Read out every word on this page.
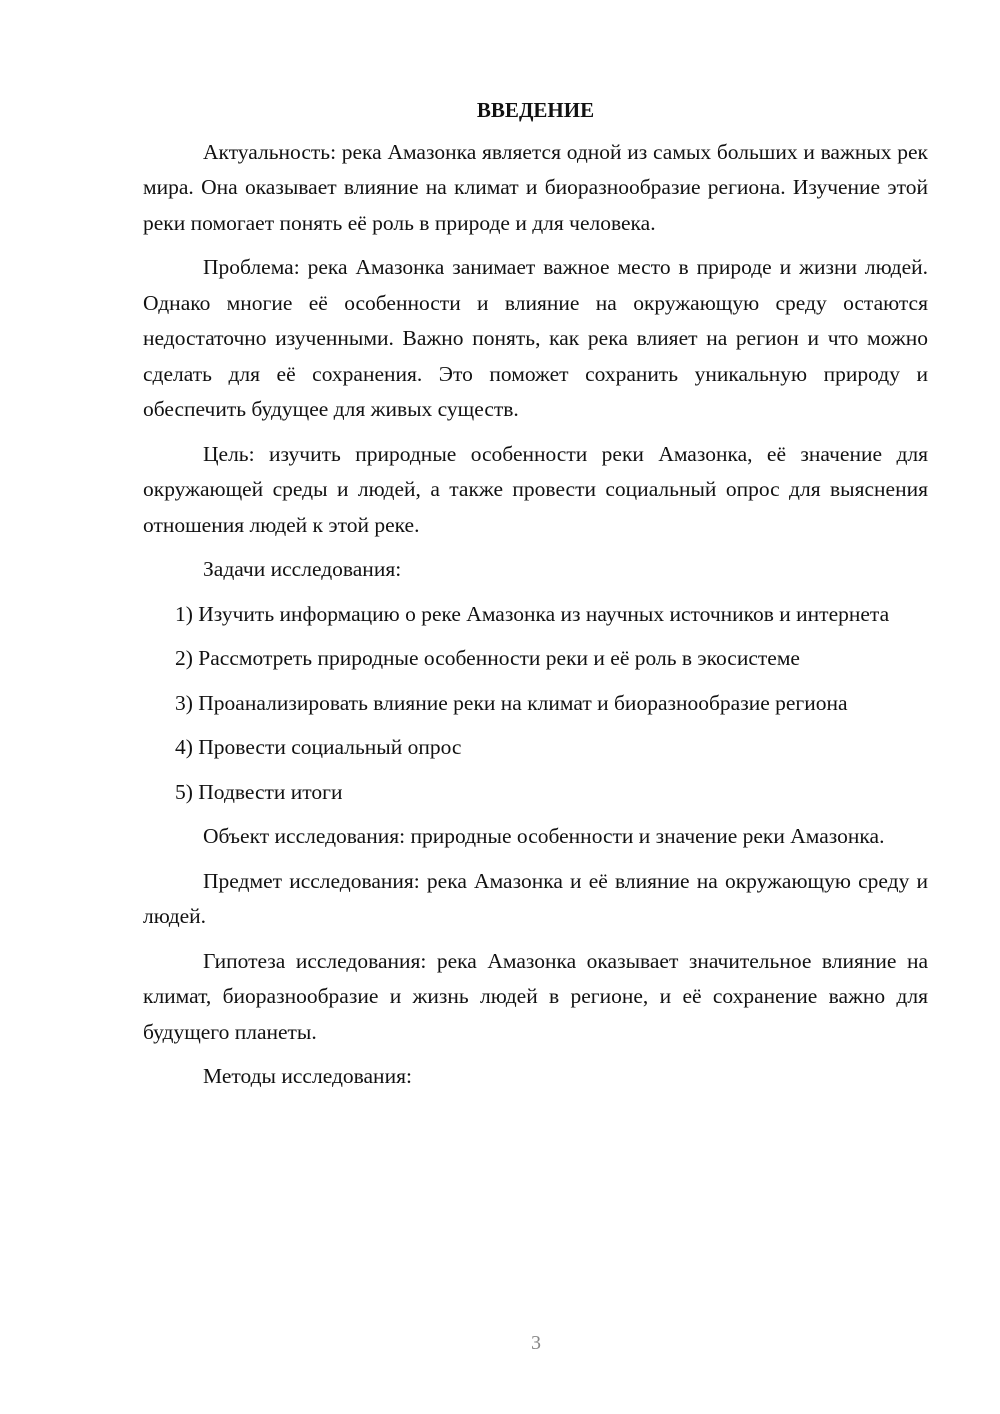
ВВЕДЕНИЕ

Актуальность: река Амазонка является одной из самых больших и важных рек мира. Она оказывает влияние на климат и биоразнообразие региона. Изучение этой реки помогает понять её роль в природе и для человека.

Проблема: река Амазонка занимает важное место в природе и жизни людей. Однако многие её особенности и влияние на окружающую среду остаются недостаточно изученными. Важно понять, как река влияет на регион и что можно сделать для её сохранения. Это поможет сохранить уникальную природу и обеспечить будущее для живых существ.

Цель: изучить природные особенности реки Амазонка, её значение для окружающей среды и людей, а также провести социальный опрос для выяснения отношения людей к этой реке.

Задачи исследования:

1) Изучить информацию о реке Амазонка из научных источников и интернета

2) Рассмотреть природные особенности реки и её роль в экосистеме

3) Проанализировать влияние реки на климат и биоразнообразие региона

4) Провести социальный опрос

5) Подвести итоги

Объект исследования: природные особенности и значение реки Амазонка.

Предмет исследования: река Амазонка и её влияние на окружающую среду и людей.

Гипотеза исследования: река Амазонка оказывает значительное влияние на климат, биоразнообразие и жизнь людей в регионе, и её сохранение важно для будущего планеты.

Методы исследования:

3
